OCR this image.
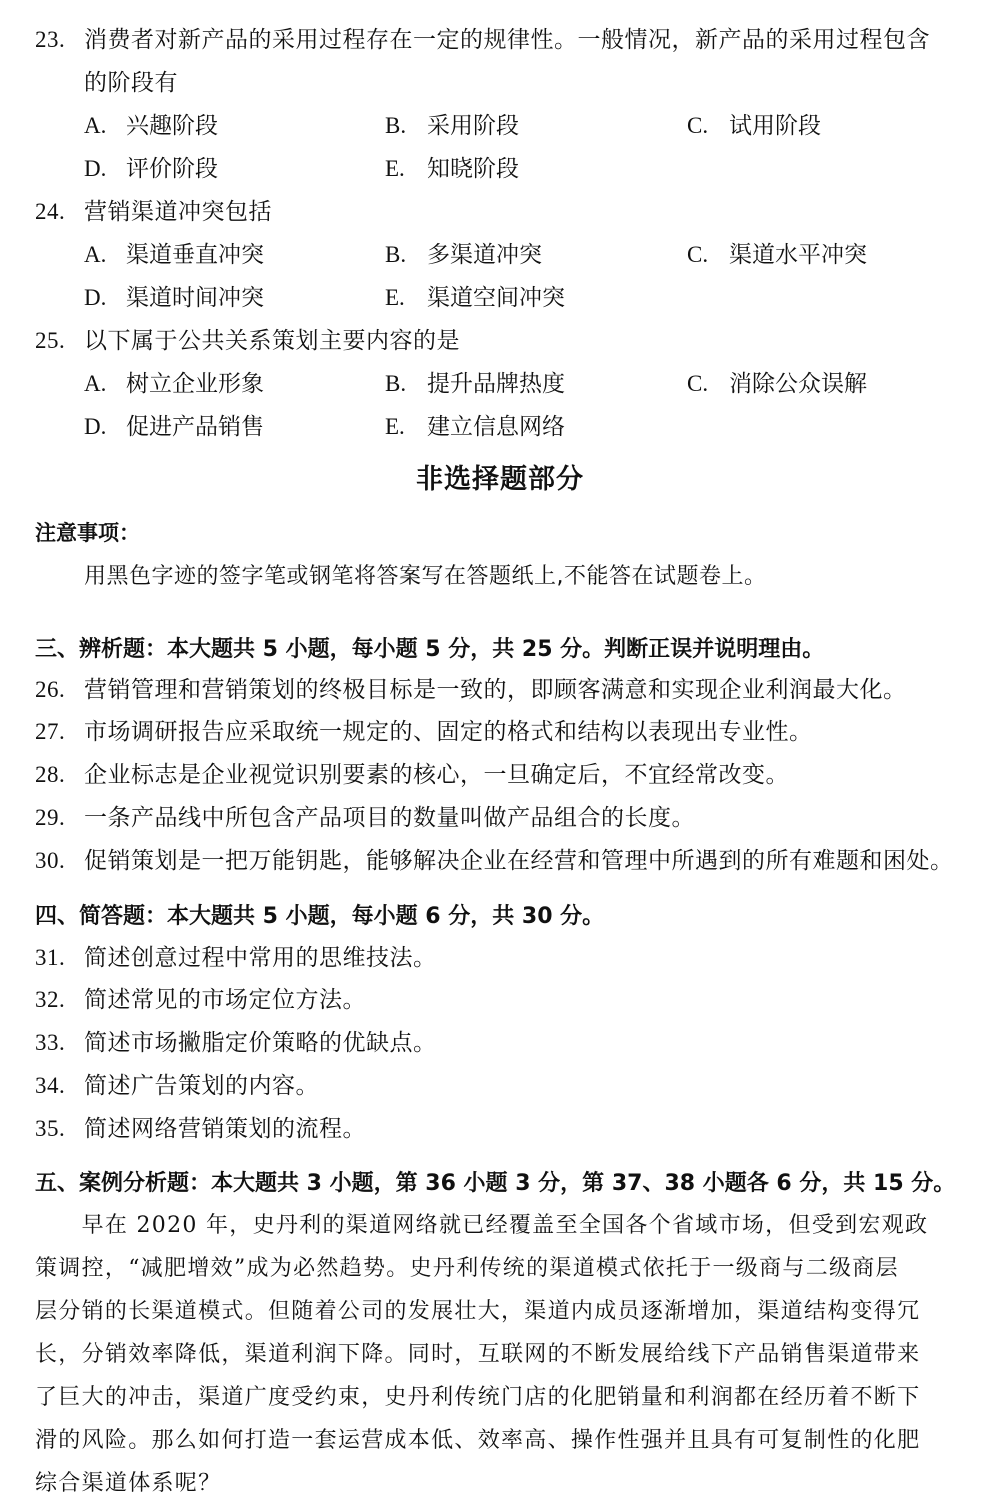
23. 消费者对新产品的采用过程存在一定的规律性。一般情况，新产品的采用过程包含
的阶段有
A. 兴趣阶段	B. 采用阶段	C. 试用阶段
D. 评价阶段	E. 知晓阶段
24. 营销渠道冲突包括
A. 渠道垂直冲突	B. 多渠道冲突	C. 渠道水平冲突
D. 渠道时间冲突	E. 渠道空间冲突
25. 以下属于公共关系策划主要内容的是
A. 树立企业形象	B. 提升品牌热度	C. 消除公众误解
D. 促进产品销售	E. 建立信息网络
非选择题部分
注意事项：
用黑色字迹的签字笔或钢笔将答案写在答题纸上,不能答在试题卷上。
三、辨析题：本大题共 5 小题，每小题 5 分，共 25 分。判断正误并说明理由。
26. 营销管理和营销策划的终极目标是一致的，即顾客满意和实现企业利润最大化。
27. 市场调研报告应采取统一规定的、固定的格式和结构以表现出专业性。
28. 企业标志是企业视觉识别要素的核心，一旦确定后，不宜经常改变。
29. 一条产品线中所包含产品项目的数量叫做产品组合的长度。
30. 促销策划是一把万能钥匙，能够解决企业在经营和管理中所遇到的所有难题和困处。
四、简答题：本大题共 5 小题，每小题 6 分，共 30 分。
31. 简述创意过程中常用的思维技法。
32. 简述常见的市场定位方法。
33. 简述市场撇脂定价策略的优缺点。
34. 简述广告策划的内容。
35. 简述网络营销策划的流程。
五、案例分析题：本大题共 3 小题，第 36 小题 3 分，第 37、38 小题各 6 分，共 15 分。
　　早在 2020 年，史丹利的渠道网络就已经覆盖至全国各个省域市场，但受到宏观政
策调控，“减肥增效”成为必然趋势。史丹利传统的渠道模式依托于一级商与二级商层
层分销的长渠道模式。但随着公司的发展壮大，渠道内成员逐渐增加，渠道结构变得冗
长，分销效率降低，渠道利润下降。同时，互联网的不断发展给线下产品销售渠道带来
了巨大的冲击，渠道广度受约束，史丹利传统门店的化肥销量和利润都在经历着不断下
滑的风险。那么如何打造一套运营成本低、效率高、操作性强并且具有可复制性的化肥
综合渠道体系呢？
